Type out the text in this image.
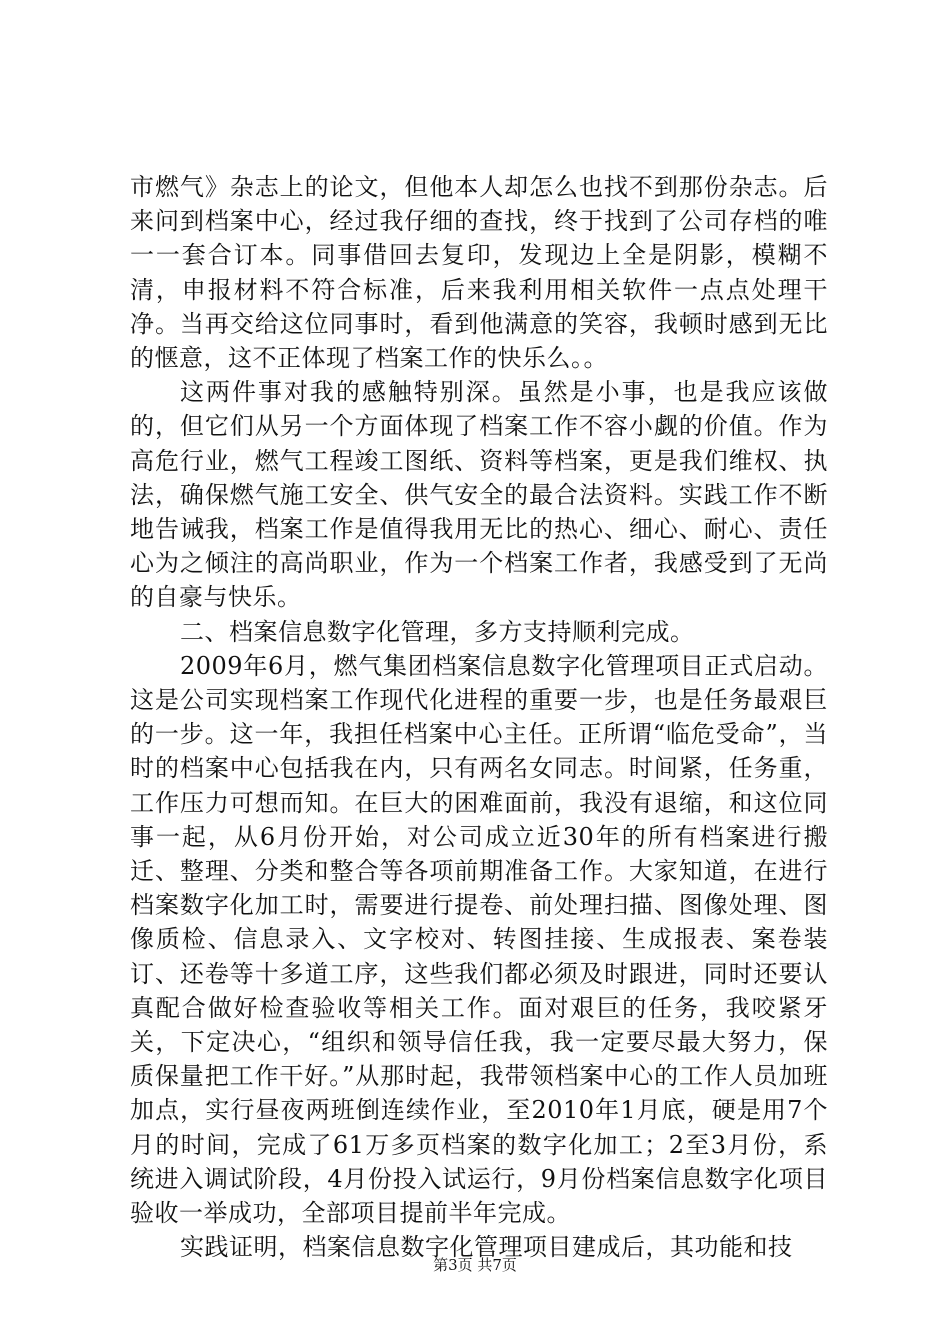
市燃气》杂志上的论文，但他本人却怎么也找不到那份杂志。后来问到档案中心，经过我仔细的查找，终于找到了公司存档的唯一一套合订本。同事借回去复印，发现边上全是阴影，模糊不清，申报材料不符合标准，后来我利用相关软件一点点处理干净。当再交给这位同事时，看到他满意的笑容，我顿时感到无比的惬意，这不正体现了档案工作的快乐么。。

这两件事对我的感触特别深。虽然是小事，也是我应该做的，但它们从另一个方面体现了档案工作不容小觑的价值。作为高危行业，燃气工程竣工图纸、资料等档案，更是我们维权、执法，确保燃气施工安全、供气安全的最合法资料。实践工作不断地告诫我，档案工作是值得我用无比的热心、细心、耐心、责任心为之倾注的高尚职业，作为一个档案工作者，我感受到了无尚的自豪与快乐。

二、档案信息数字化管理，多方支持顺利完成。

2009年6月，燃气集团档案信息数字化管理项目正式启动。这是公司实现档案工作现代化进程的重要一步，也是任务最艰巨的一步。这一年，我担任档案中心主任。正所谓“临危受命”，当时的档案中心包括我在内，只有两名女同志。时间紧，任务重，工作压力可想而知。在巨大的困难面前，我没有退缩，和这位同事一起，从6月份开始，对公司成立近30年的所有档案进行搬迁、整理、分类和整合等各项前期准备工作。大家知道，在进行档案数字化加工时，需要进行提卷、前处理扫描、图像处理、图像质检、信息录入、文字校对、转图挂接、生成报表、案卷装订、还卷等十多道工序，这些我们都必须及时跟进，同时还要认真配合做好检查验收等相关工作。面对艰巨的任务，我咬紧牙关，下定决心，“组织和领导信任我，我一定要尽最大努力，保质保量把工作干好。”从那时起，我带领档案中心的工作人员加班加点，实行昼夜两班倒连续作业，至2010年1月底，硬是用7个月的时间，完成了61万多页档案的数字化加工；2至3月份，系统进入调试阶段，4月份投入试运行，9月份档案信息数字化项目验收一举成功，全部项目提前半年完成。

实践证明，档案信息数字化管理项目建成后，其功能和技

第3页 共7页
